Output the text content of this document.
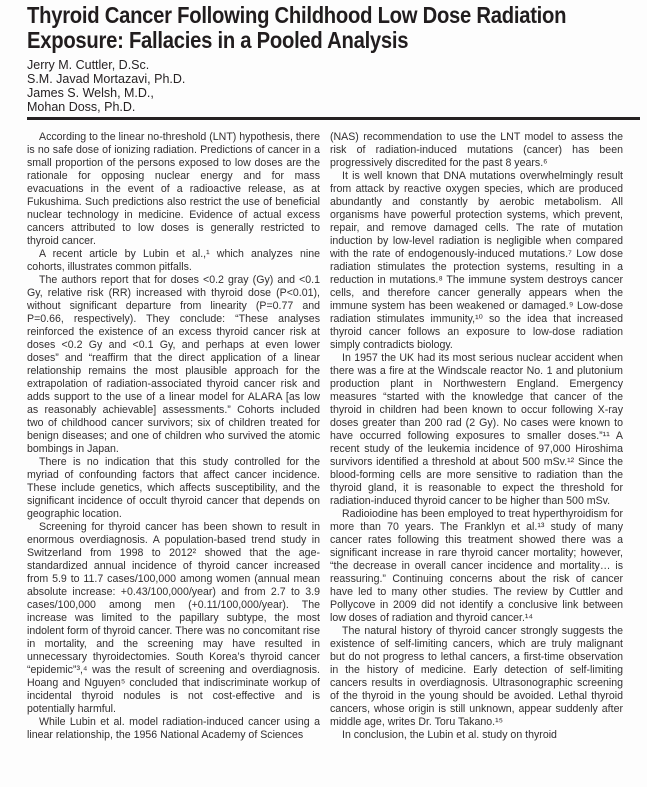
Thyroid Cancer Following Childhood Low Dose Radiation Exposure: Fallacies in a Pooled Analysis
Jerry M. Cuttler, D.Sc.
S.M. Javad Mortazavi, Ph.D.
James S. Welsh, M.D.,
Mohan Doss, Ph.D.

According to the linear no-threshold (LNT) hypothesis, there is no safe dose of ionizing radiation. Predictions of cancer in a small proportion of the persons exposed to low doses are the rationale for opposing nuclear energy and for mass evacuations in the event of a radioactive release, as at Fukushima. Such predictions also restrict the use of beneficial nuclear technology in medicine. Evidence of actual excess cancers attributed to low doses is generally restricted to thyroid cancer.

A recent article by Lubin et al.,¹ which analyzes nine cohorts, illustrates common pitfalls.

The authors report that for doses <0.2 gray (Gy) and <0.1 Gy, relative risk (RR) increased with thyroid dose (P<0.01), without significant departure from linearity (P=0.77 and P=0.66, respectively). They conclude: “These analyses reinforced the existence of an excess thyroid cancer risk at doses <0.2 Gy and <0.1 Gy, and perhaps at even lower doses” and “reaffirm that the direct application of a linear relationship remains the most plausible approach for the extrapolation of radiation-associated thyroid cancer risk and adds support to the use of a linear model for ALARA [as low as reasonably achievable] assessments.” Cohorts included two of childhood cancer survivors; six of children treated for benign diseases; and one of children who survived the atomic bombings in Japan.

There is no indication that this study controlled for the myriad of confounding factors that affect cancer incidence. These include genetics, which affects susceptibility, and the significant incidence of occult thyroid cancer that depends on geographic location.

Screening for thyroid cancer has been shown to result in enormous overdiagnosis. A population-based trend study in Switzerland from 1998 to 2012² showed that the age-standardized annual incidence of thyroid cancer increased from 5.9 to 11.7 cases/100,000 among women (annual mean absolute increase: +0.43/100,000/year) and from 2.7 to 3.9 cases/100,000 among men (+0.11/100,000/year). The increase was limited to the papillary subtype, the most indolent form of thyroid cancer. There was no concomitant rise in mortality, and the screening may have resulted in unnecessary thyroidectomies. South Korea’s thyroid cancer “epidemic”³,⁴ was the result of screening and overdiagnosis. Hoang and Nguyen⁵ concluded that indiscriminate workup of incidental thyroid nodules is not cost-effective and is potentially harmful.

While Lubin et al. model radiation-induced cancer using a linear relationship, the 1956 National Academy of Sciences

(NAS) recommendation to use the LNT model to assess the risk of radiation-induced mutations (cancer) has been progressively discredited for the past 8 years.⁶

It is well known that DNA mutations overwhelmingly result from attack by reactive oxygen species, which are produced abundantly and constantly by aerobic metabolism. All organisms have powerful protection systems, which prevent, repair, and remove damaged cells. The rate of mutation induction by low-level radiation is negligible when compared with the rate of endogenously-induced mutations.⁷ Low dose radiation stimulates the protection systems, resulting in a reduction in mutations.⁸ The immune system destroys cancer cells, and therefore cancer generally appears when the immune system has been weakened or damaged.⁹ Low-dose radiation stimulates immunity,¹⁰ so the idea that increased thyroid cancer follows an exposure to low-dose radiation simply contradicts biology.

In 1957 the UK had its most serious nuclear accident when there was a fire at the Windscale reactor No. 1 and plutonium production plant in Northwestern England. Emergency measures “started with the knowledge that cancer of the thyroid in children had been known to occur following X-ray doses greater than 200 rad (2 Gy). No cases were known to have occurred following exposures to smaller doses.”¹¹ A recent study of the leukemia incidence of 97,000 Hiroshima survivors identified a threshold at about 500 mSv.¹² Since the blood-forming cells are more sensitive to radiation than the thyroid gland, it is reasonable to expect the threshold for radiation-induced thyroid cancer to be higher than 500 mSv.

Radioiodine has been employed to treat hyperthyroidism for more than 70 years. The Franklyn et al.¹³ study of many cancer rates following this treatment showed there was a significant increase in rare thyroid cancer mortality; however, “the decrease in overall cancer incidence and mortality… is reassuring.” Continuing concerns about the risk of cancer have led to many other studies. The review by Cuttler and Pollycove in 2009 did not identify a conclusive link between low doses of radiation and thyroid cancer.¹⁴

The natural history of thyroid cancer strongly suggests the existence of self-limiting cancers, which are truly malignant but do not progress to lethal cancers, a first-time observation in the history of medicine. Early detection of self-limiting cancers results in overdiagnosis. Ultrasonographic screening of the thyroid in the young should be avoided. Lethal thyroid cancers, whose origin is still unknown, appear suddenly after middle age, writes Dr. Toru Takano.¹⁵

In conclusion, the Lubin et al. study on thyroid
